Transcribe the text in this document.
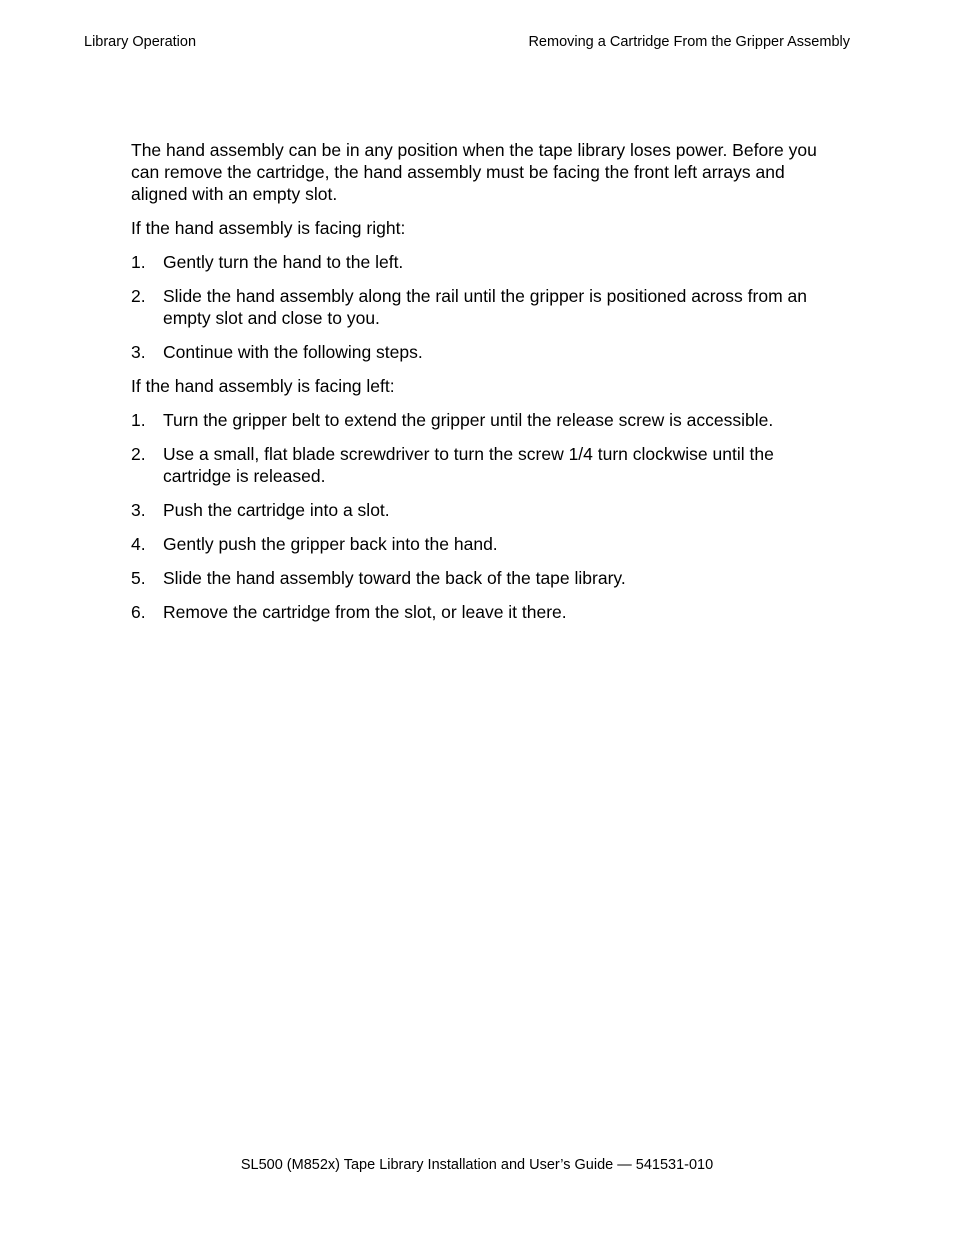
Library Operation	Removing a Cartridge From the Gripper Assembly

The hand assembly can be in any position when the tape library loses power. Before you can remove the cartridge, the hand assembly must be facing the front left arrays and aligned with an empty slot.

If the hand assembly is facing right:

1. Gently turn the hand to the left.
2. Slide the hand assembly along the rail until the gripper is positioned across from an empty slot and close to you.
3. Continue with the following steps.

If the hand assembly is facing left:

1. Turn the gripper belt to extend the gripper until the release screw is accessible.
2. Use a small, flat blade screwdriver to turn the screw 1/4 turn clockwise until the cartridge is released.
3. Push the cartridge into a slot.
4. Gently push the gripper back into the hand.
5. Slide the hand assembly toward the back of the tape library.
6. Remove the cartridge from the slot, or leave it there.
SL500 (M852x) Tape Library Installation and User’s Guide — 541531-010
